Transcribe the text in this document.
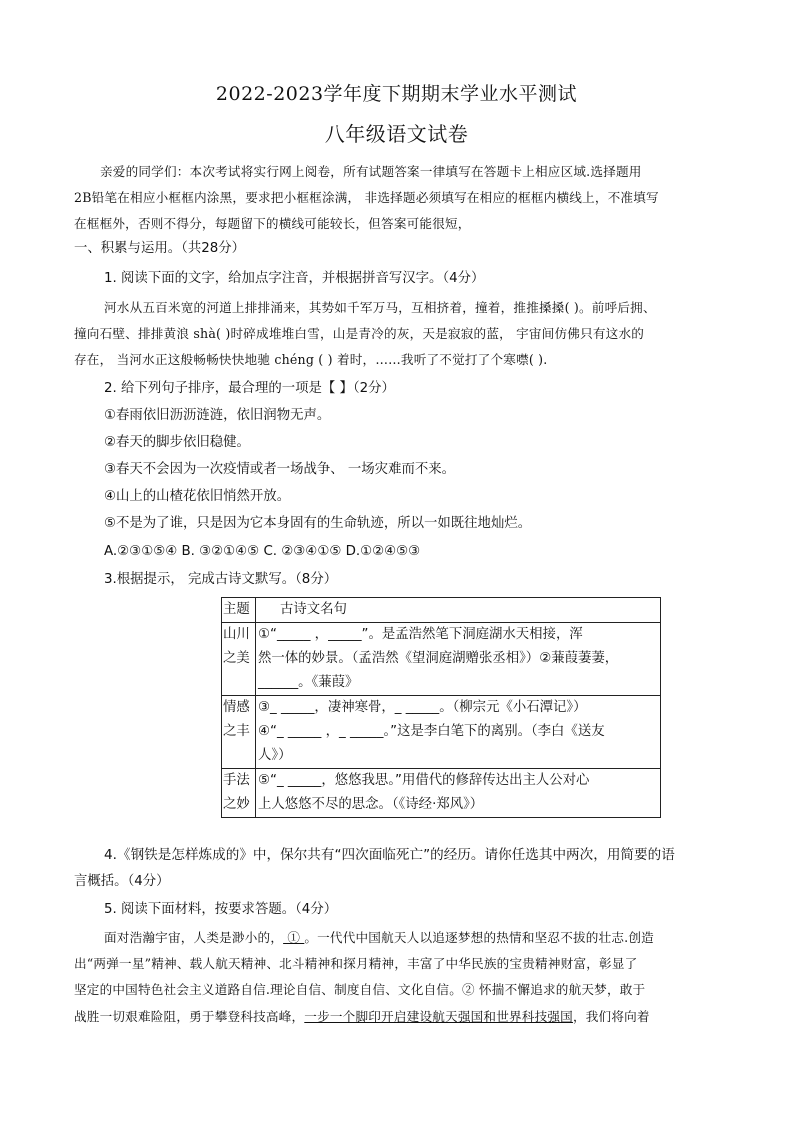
2022-2023学年度下期期末学业水平测试
八年级语文试卷
亲爱的同学们：本次考试将实行网上阅卷，所有试题答案一律填写在答题卡上相应区域.选择题用
2B铅笔在相应小框框内涂黑，要求把小框框涂满， 非选择题必须填写在相应的框框内横线上，不准填写
在框框外，否则不得分，每题留下的横线可能较长，但答案可能很短，
一、积累与运用。（共28分）
1. 阅读下面的文字，给加点字注音，并根据拼音写汉字。（4分）
河水从五百米宽的河道上排排涌来，其势如千军万马，互相挤着，撞着，推推搡搡( )。前呼后拥、
撞向石壁、排排黄浪 shà( )时碎成堆堆白雪，山是青冷的灰，天是寂寂的蓝， 宇宙间仿佛只有这水的
存在， 当河水正这般畅畅快快地驰 chéng ( ) 着时，……我听了不觉打了个寒噤( ).
2. 给下列句子排序，最合理的一项是【 】（2分）
①春雨依旧沥沥涟涟，依旧润物无声。
②春天的脚步依旧稳健。
③春天不会因为一次疫情或者一场战争、 一场灾难而不来。
④山上的山楂花依旧悄然开放。
⑤不是为了谁，只是因为它本身固有的生命轨迹，所以一如既往地灿烂。
A.②③①⑤④ B. ③②①④⑤ C. ②③④①⑤ D.①②④⑤③
3.根据提示， 完成古诗文默写。（8分）
主题	古诗文名句
山川之美	①“_____ ，_____”。是孟浩然笔下洞庭湖水天相接，浑
然一体的妙景。（孟浩然《望洞庭湖赠张丞相》）②蒹葭萋萋，
______。《蒹葭》

情感之丰	③_ _____，凄神寒骨，_ _____。（柳宗元《小石潭记》）
④“_ _____ ，_ _____。”这是李白笔下的离别。（李白《送友
人》）

手法之妙	⑤“_ _____，悠悠我思。”用借代的修辞传达出主人公对心
上人悠悠不尽的思念。（《诗经·郑风》）
4.《钢铁是怎样炼成的》中，保尔共有“四次面临死亡”的经历。请你任选其中两次，用简要的语
言概括。（4分）
5. 阅读下面材料，按要求答题。（4分）
面对浩瀚宇宙，人类是渺小的， ① 。一代代中国航天人以追逐梦想的热情和坚忍不拔的壮志.创造
出“两弹一星”精神、载人航天精神、北斗精神和探月精神，丰富了中华民族的宝贵精神财富，彰显了
坚定的中国特色社会主义道路自信.理论自信、制度自信、文化自信。② 怀揣不懈追求的航天梦，敢于
战胜一切艰难险阻，勇于攀登科技高峰，一步一个脚印开启建设航天强国和世界科技强国，我们将向着
